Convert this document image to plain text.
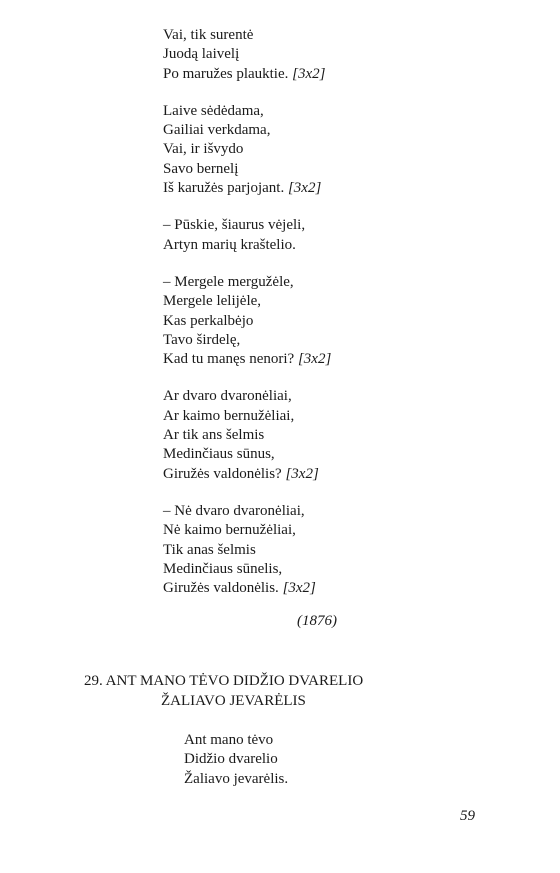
Vai, tik surentė
Juodą laivelį
Po maružes plauktie. [3x2]
Laive sėdėdama,
Gailiai verkdama,
Vai, ir išvydo
Savo bernelį
Iš karužės parjojant. [3x2]
– Pūskie, šiaurus vėjeli,
Artyn marių kraštelio.
– Mergele mergužėle,
Mergele lelijėle,
Kas perkalbėjo
Tavo širdelę,
Kad tu manęs nenori? [3x2]
Ar dvaro dvaronėliai,
Ar kaimo bernužėliai,
Ar tik ans šelmis
Medinčiaus sūnus,
Giružės valdonėlis? [3x2]
– Nė dvaro dvaronėliai,
Nė kaimo bernužėliai,
Tik anas šelmis
Medinčiaus sūnelis,
Giružės valdonėlis. [3x2]
(1876)
29. ANT MANO TĖVO DIDŽIO DVARELIO
ŽALIAVO JEVARĖLIS
Ant mano tėvo
Didžio dvarelio
Žaliavo jevarėlis.
59
